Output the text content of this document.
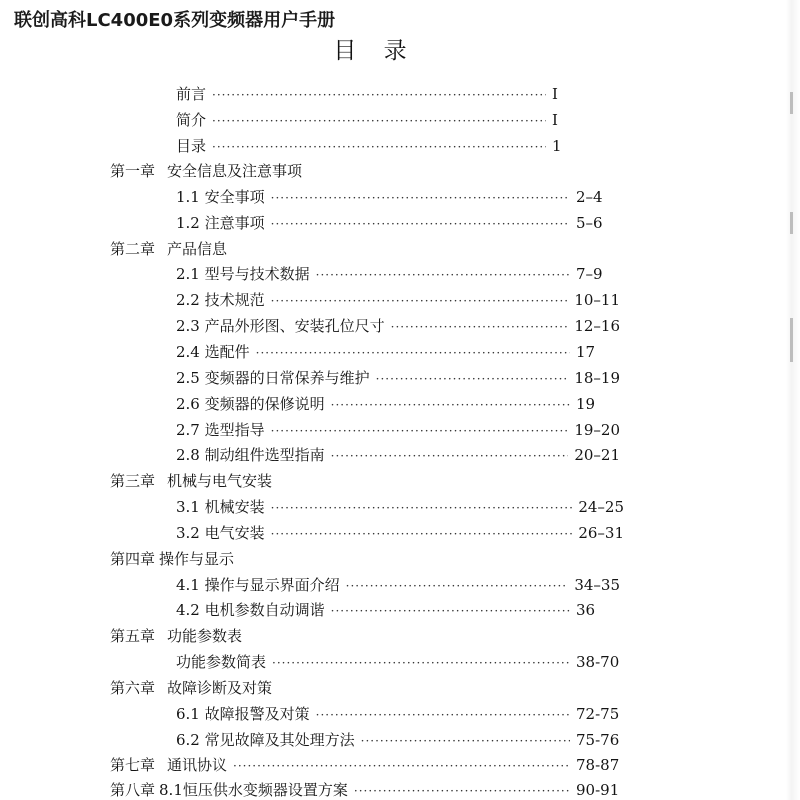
联创高科LC400E0系列变频器用户手册
目 录
前言 ·····	I
简介 ·····	I
目录 ·····	1
第一章 安全信息及注意事项
1.1 安全事项 ·····	2–4
1.2 注意事项 ·····	5–6
第二章 产品信息
2.1 型号与技术数据 ·····	7–9
2.2 技术规范 ·····	10–11
2.3 产品外形图、安装孔位尺寸 ·····	12–16
2.4 选配件 ·····	17
2.5 变频器的日常保养与维护 ·····	18–19
2.6 变频器的保修说明 ·····	19
2.7 选型指导 ·····	19–20
2.8 制动组件选型指南 ·····	20–21
第三章 机械与电气安装
3.1 机械安装 ·····	24–25
3.2 电气安装 ·····	26–31
第四章 操作与显示
4.1 操作与显示界面介绍 ·····	34–35
4.2 电机参数自动调谐 ·····	36
第五章 功能参数表
功能参数简表 ·····	38-70
第六章 故障诊断及对策
6.1 故障报警及对策 ·····	72-75
6.2 常见故障及其处理方法 ·····	75-76
第七章 通讯协议 ·····	78-87
第八章 8.1恒压供水变频器设置方案 ·····	90-91
